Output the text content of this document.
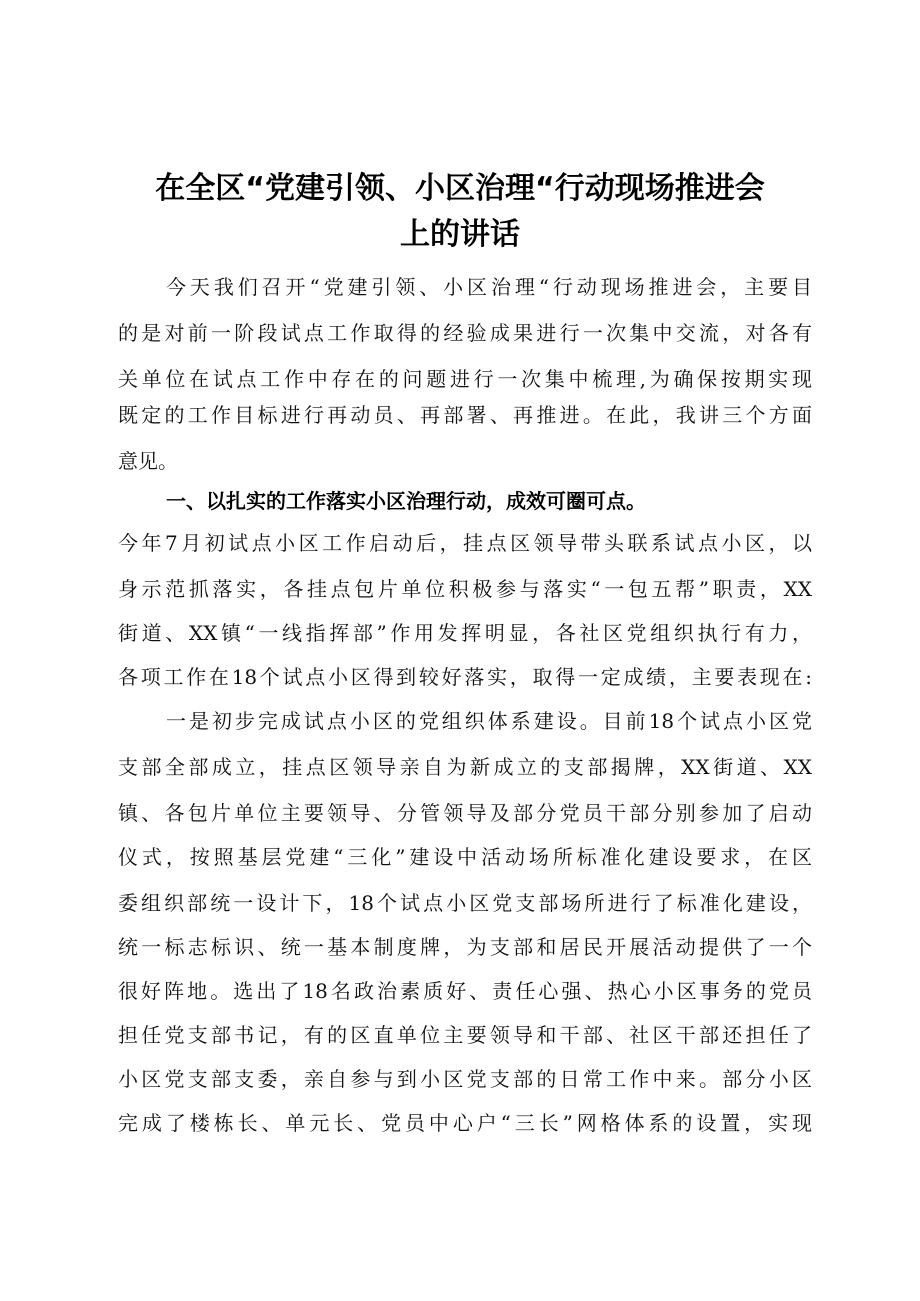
在全区“党建引领、小区治理“行动现场推进会
上的讲话
今天我们召开“党建引领、小区治理“行动现场推进会，主要目
的是对前一阶段试点工作取得的经验成果进行一次集中交流，对各有
关单位在试点工作中存在的问题进行一次集中梳理,为确保按期实现
既定的工作目标进行再动员、再部署、再推进。在此，我讲三个方面
意见。
一、以扎实的工作落实小区治理行动，成效可圈可点。
今年7月初试点小区工作启动后，挂点区领导带头联系试点小区，以
身示范抓落实，各挂点包片单位积极参与落实“一包五帮”职责，XX
街道、XX镇“一线指挥部”作用发挥明显，各社区党组织执行有力，
各项工作在18个试点小区得到较好落实，取得一定成绩，主要表现在:
一是初步完成试点小区的党组织体系建设。目前18个试点小区党
支部全部成立，挂点区领导亲自为新成立的支部揭牌，XX街道、XX
镇、各包片单位主要领导、分管领导及部分党员干部分别参加了启动
仪式，按照基层党建“三化”建设中活动场所标准化建设要求，在区
委组织部统一设计下，18个试点小区党支部场所进行了标准化建设，
统一标志标识、统一基本制度牌，为支部和居民开展活动提供了一个
很好阵地。选出了18名政治素质好、责任心强、热心小区事务的党员
担任党支部书记，有的区直单位主要领导和干部、社区干部还担任了
小区党支部支委，亲自参与到小区党支部的日常工作中来。部分小区
完成了楼栋长、单元长、党员中心户“三长”网格体系的设置，实现
